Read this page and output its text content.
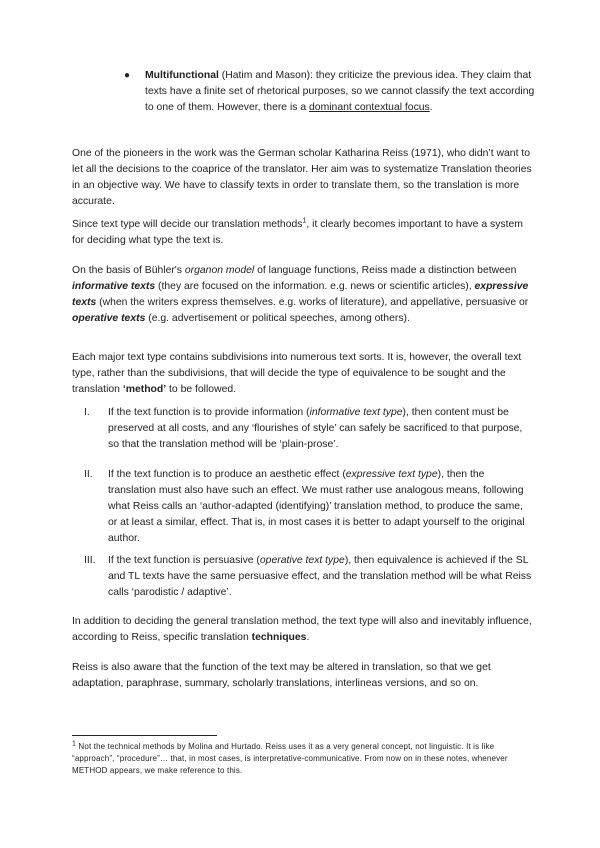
● Multifunctional (Hatim and Mason): they criticize the previous idea. They claim that texts have a finite set of rhetorical purposes, so we cannot classify the text according to one of them. However, there is a dominant contextual focus.

One of the pioneers in the work was the German scholar Katharina Reiss (1971), who didn’t want to let all the decisions to the coaprice of the translator. Her aim was to systematize Translation theories in an objective way. We have to classify texts in order to translate them, so the translation is more accurate.

Since text type will decide our translation methods$^1$, it clearly becomes important to have a system for deciding what type the text is.

On the basis of Bühler's organon model of language functions, Reiss made a distinction between informative texts (they are focused on the information. e.g. news or scientific articles), expressive texts (when the writers express themselves. e.g. works of literature), and appellative, persuasive or operative texts (e.g. advertisement or political speeches, among others).

Each major text type contains subdivisions into numerous text sorts. It is, however, the overall text type, rather than the subdivisions, that will decide the type of equivalence to be sought and the translation ‘method’ to be followed.

I. If the text function is to provide information (informative text type), then content must be preserved at all costs, and any ‘flourishes of style’ can safely be sacrificed to that purpose, so that the translation method will be ‘plain-prose’.

II. If the text function is to produce an aesthetic effect (expressive text type), then the translation must also have such an effect. We must rather use analogous means, following what Reiss calls an ‘author-adapted (identifying)’ translation method, to produce the same, or at least a similar, effect. That is, in most cases it is better to adapt yourself to the original author.

III. If the text function is persuasive (operative text type), then equivalence is achieved if the SL and TL texts have the same persuasive effect, and the translation method will be what Reiss calls ‘parodistic / adaptive’.

In addition to deciding the general translation method, the text type will also and inevitably influence, according to Reiss, specific translation techniques.

Reiss is also aware that the function of the text may be altered in translation, so that we get adaptation, paraphrase, summary, scholarly translations, interlineas versions, and so on.

$^1$ Not the technical methods by Molina and Hurtado. Reiss uses it as a very general concept, not linguistic. It is like “approach”, “procedure”… that, in most cases, is interpretative-communicative. From now on in these notes, whenever METHOD appears, we make reference to this.
